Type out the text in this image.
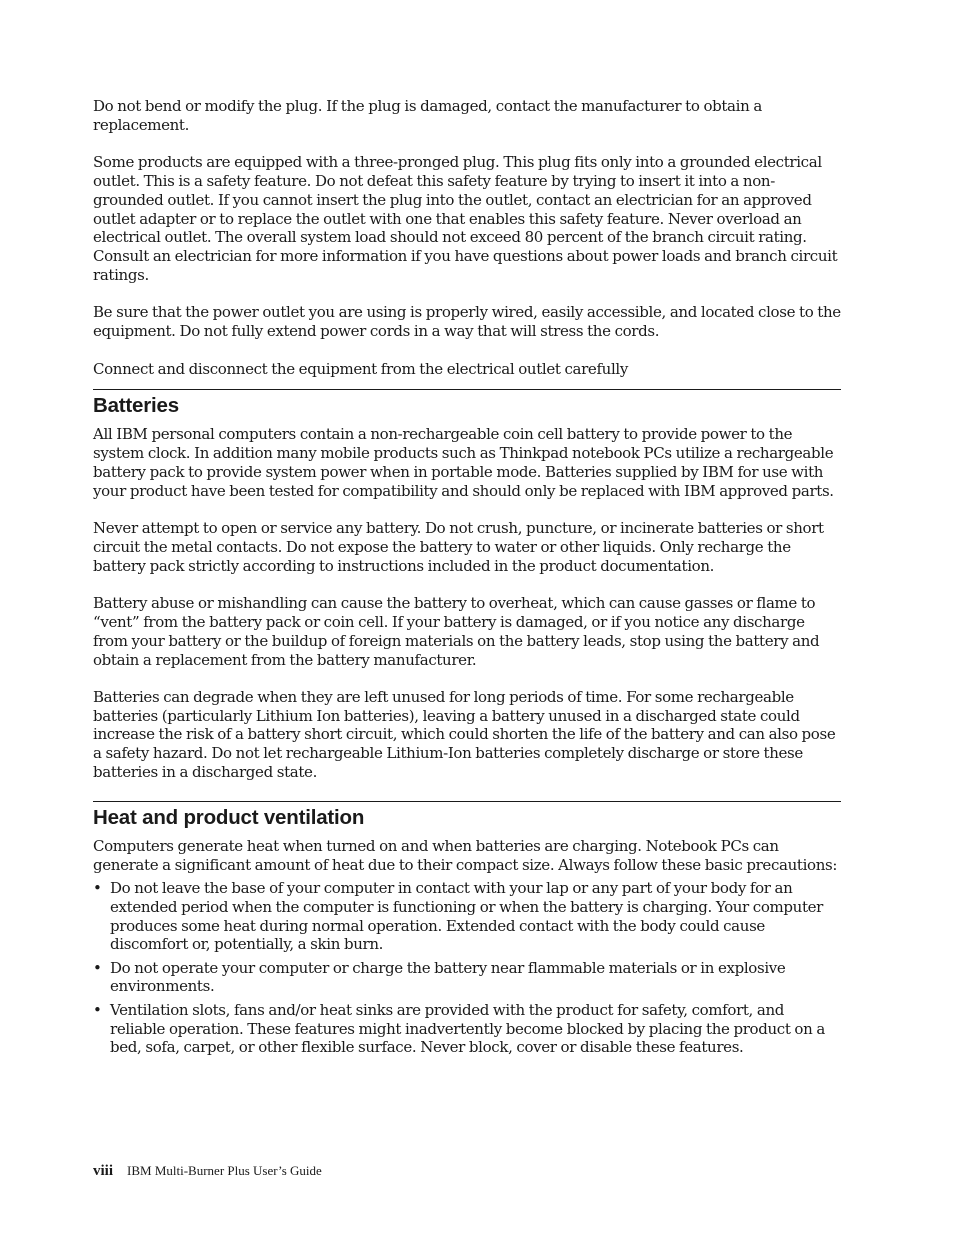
Do not bend or modify the plug. If the plug is damaged, contact the manufacturer to obtain a replacement.

Some products are equipped with a three-pronged plug. This plug fits only into a grounded electrical outlet. This is a safety feature. Do not defeat this safety feature by trying to insert it into a non-grounded outlet. If you cannot insert the plug into the outlet, contact an electrician for an approved outlet adapter or to replace the outlet with one that enables this safety feature. Never overload an electrical outlet. The overall system load should not exceed 80 percent of the branch circuit rating. Consult an electrician for more information if you have questions about power loads and branch circuit ratings.

Be sure that the power outlet you are using is properly wired, easily accessible, and located close to the equipment. Do not fully extend power cords in a way that will stress the cords.

Connect and disconnect the equipment from the electrical outlet carefully

Batteries

All IBM personal computers contain a non-rechargeable coin cell battery to provide power to the system clock. In addition many mobile products such as Thinkpad notebook PCs utilize a rechargeable battery pack to provide system power when in portable mode. Batteries supplied by IBM for use with your product have been tested for compatibility and should only be replaced with IBM approved parts.

Never attempt to open or service any battery. Do not crush, puncture, or incinerate batteries or short circuit the metal contacts. Do not expose the battery to water or other liquids. Only recharge the battery pack strictly according to instructions included in the product documentation.

Battery abuse or mishandling can cause the battery to overheat, which can cause gasses or flame to “vent” from the battery pack or coin cell. If your battery is damaged, or if you notice any discharge from your battery or the buildup of foreign materials on the battery leads, stop using the battery and obtain a replacement from the battery manufacturer.

Batteries can degrade when they are left unused for long periods of time. For some rechargeable batteries (particularly Lithium Ion batteries), leaving a battery unused in a discharged state could increase the risk of a battery short circuit, which could shorten the life of the battery and can also pose a safety hazard. Do not let rechargeable Lithium-Ion batteries completely discharge or store these batteries in a discharged state.

Heat and product ventilation

Computers generate heat when turned on and when batteries are charging. Notebook PCs can generate a significant amount of heat due to their compact size. Always follow these basic precautions:

• Do not leave the base of your computer in contact with your lap or any part of your body for an extended period when the computer is functioning or when the battery is charging. Your computer produces some heat during normal operation. Extended contact with the body could cause discomfort or, potentially, a skin burn.
• Do not operate your computer or charge the battery near flammable materials or in explosive environments.
• Ventilation slots, fans and/or heat sinks are provided with the product for safety, comfort, and reliable operation. These features might inadvertently become blocked by placing the product on a bed, sofa, carpet, or other flexible surface. Never block, cover or disable these features.
viii IBM Multi-Burner Plus User’s Guide
